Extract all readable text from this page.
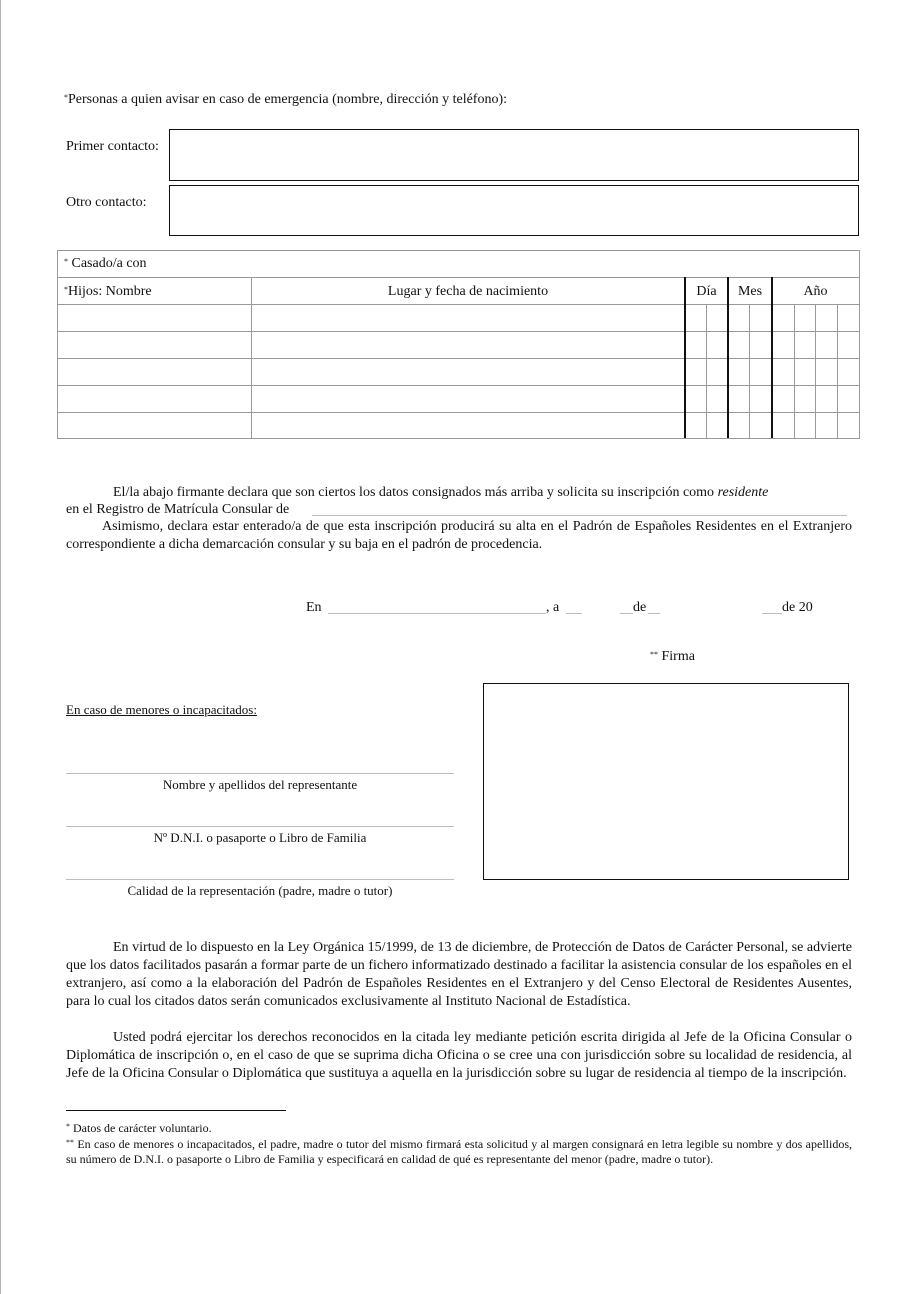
*Personas a quien avisar en caso de emergencia (nombre, dirección y teléfono):
Primer contacto:
Otro contacto:
* Casado/a con
*Hijos: Nombre	Lugar y fecha de nacimiento	Día	Mes	Año
El/la abajo firmante declara que son ciertos los datos consignados más arriba y solicita su inscripción como residente
en el Registro de Matrícula Consular de
Asimismo, declara estar enterado/a de que esta inscripción producirá su alta en el Padrón de Españoles Residentes en el Extranjero correspondiente a dicha demarcación consular y su baja en el padrón de procedencia.
En	, a	de	de 20
** Firma
En caso de menores o incapacitados:
Nombre y apellidos del representante
Nº D.N.I. o pasaporte o Libro de Familia
Calidad de la representación (padre, madre o tutor)
En virtud de lo dispuesto en la Ley Orgánica 15/1999, de 13 de diciembre, de Protección de Datos de Carácter Personal, se advierte que los datos facilitados pasarán a formar parte de un fichero informatizado destinado a facilitar la asistencia consular de los españoles en el extranjero, así como a la elaboración del Padrón de Españoles Residentes en el Extranjero y del Censo Electoral de Residentes Ausentes, para lo cual los citados datos serán comunicados exclusivamente al Instituto Nacional de Estadística.
Usted podrá ejercitar los derechos reconocidos en la citada ley mediante petición escrita dirigida al Jefe de la Oficina Consular o Diplomática de inscripción o, en el caso de que se suprima dicha Oficina o se cree una con jurisdicción sobre su localidad de residencia, al Jefe de la Oficina Consular o Diplomática que sustituya a aquella en la jurisdicción sobre su lugar de residencia al tiempo de la inscripción.
* Datos de carácter voluntario.
** En caso de menores o incapacitados, el padre, madre o tutor del mismo firmará esta solicitud y al margen consignará en letra legible su nombre y dos apellidos, su número de D.N.I. o pasaporte o Libro de Familia y especificará en calidad de qué es representante del menor (padre, madre o tutor).
